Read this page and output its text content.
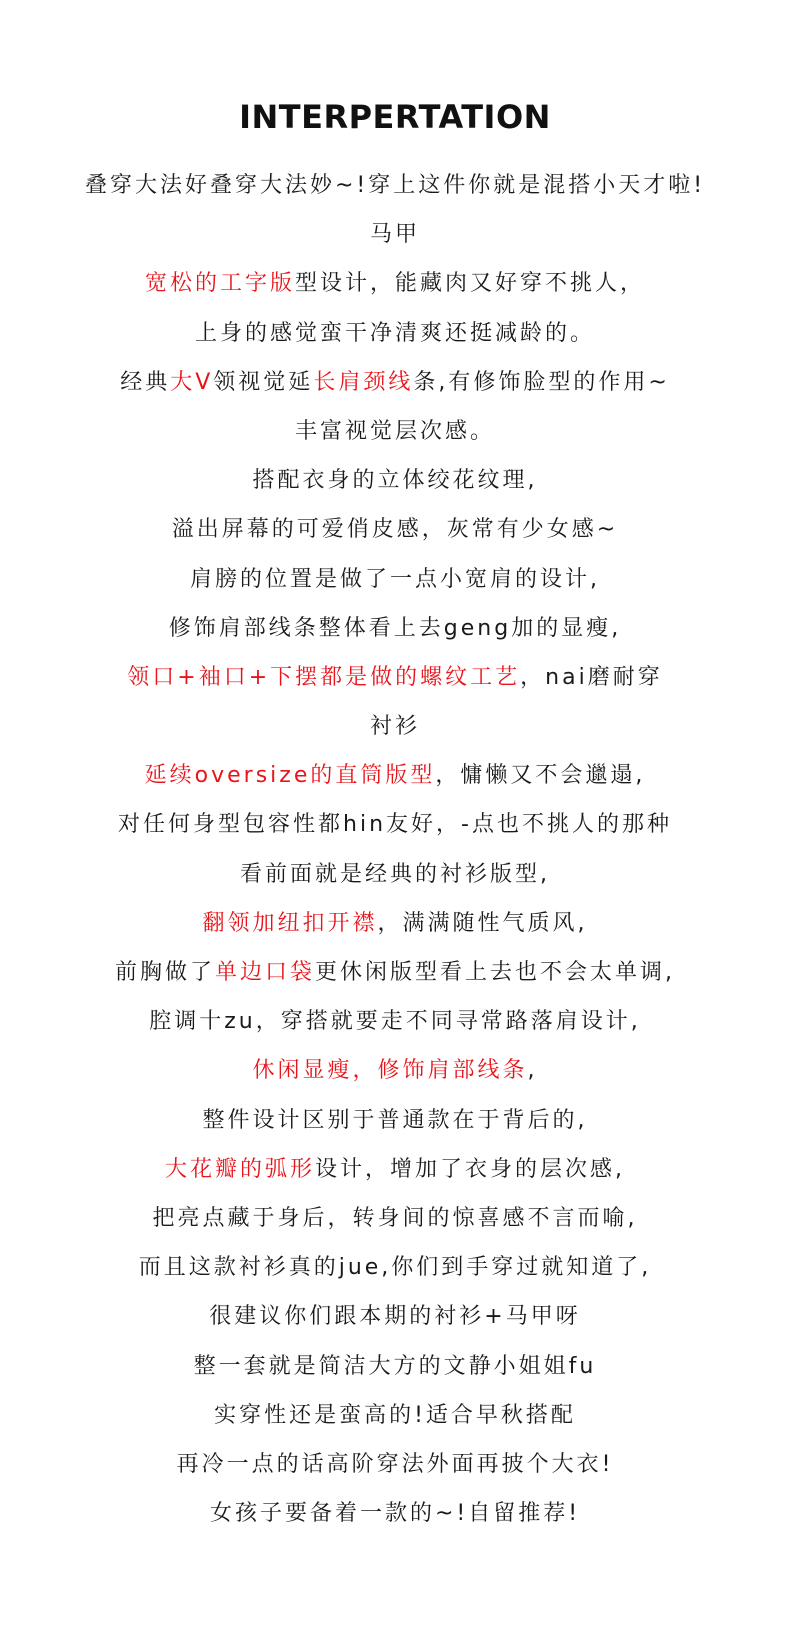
INTERPERTATION
叠穿大法好叠穿大法妙~!穿上这件你就是混搭小天才啦!
马甲
宽松的工字版型设计，能藏肉又好穿不挑人，
上身的感觉蛮干净清爽还挺减龄的。
经典大V领视觉延长肩颈线条,有修饰脸型的作用~
丰富视觉层次感。
搭配衣身的立体绞花纹理,
溢出屏幕的可爱俏皮感，灰常有少女感~
肩膀的位置是做了一点小宽肩的设计,
修饰肩部线条整体看上去geng加的显瘦,
领口+袖口+下摆都是做的螺纹工艺，nai磨耐穿
衬衫
延续oversize的直筒版型，慵懒又不会邋遢,
对任何身型包容性都hin友好，-点也不挑人的那种
看前面就是经典的衬衫版型,
翻领加纽扣开襟，满满随性气质风,
前胸做了单边口袋更休闲版型看上去也不会太单调,
腔调十zu，穿搭就要走不同寻常路落肩设计,
休闲显瘦，修饰肩部线条,
整件设计区别于普通款在于背后的,
大花瓣的弧形设计，增加了衣身的层次感,
把亮点藏于身后，转身间的惊喜感不言而喻,
而且这款衬衫真的jue,你们到手穿过就知道了,
很建议你们跟本期的衬衫+马甲呀
整一套就是简洁大方的文静小姐姐fu
实穿性还是蛮高的!适合早秋搭配
再冷一点的话高阶穿法外面再披个大衣!
女孩子要备着一款的~!自留推荐!
